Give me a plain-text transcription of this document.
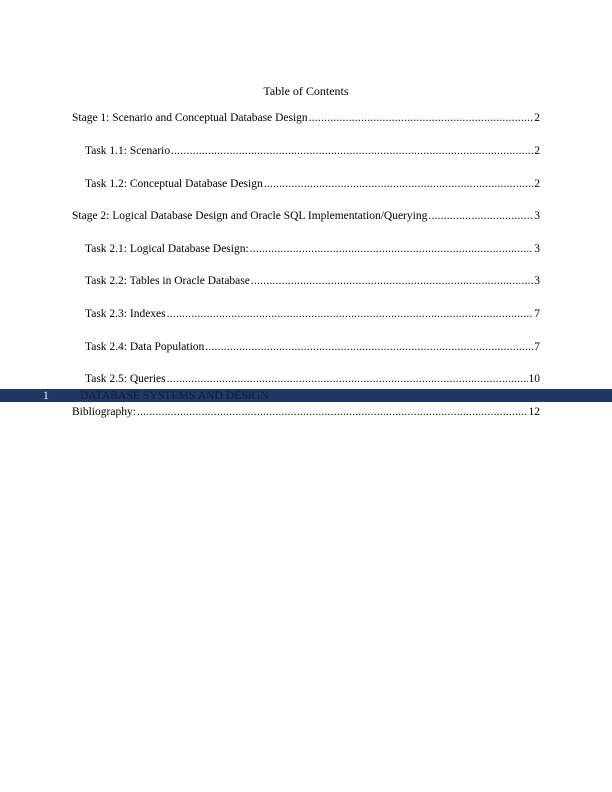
Table of Contents
Stage 1: Scenario and Conceptual Database Design .....	2
Task 1.1: Scenario .....	2
Task 1.2: Conceptual Database Design .....	2
Stage 2: Logical Database Design and Oracle SQL Implementation/Querying .....	3
Task 2.1: Logical Database Design: .....	3
Task 2.2: Tables in Oracle Database .....	3
Task 2.3: Indexes .....	7
Task 2.4: Data Population .....	7
Task 2.5: Queries .....	10
1	DATABASE SYSTEMS AND DESIGN
Bibliography: .....	12
